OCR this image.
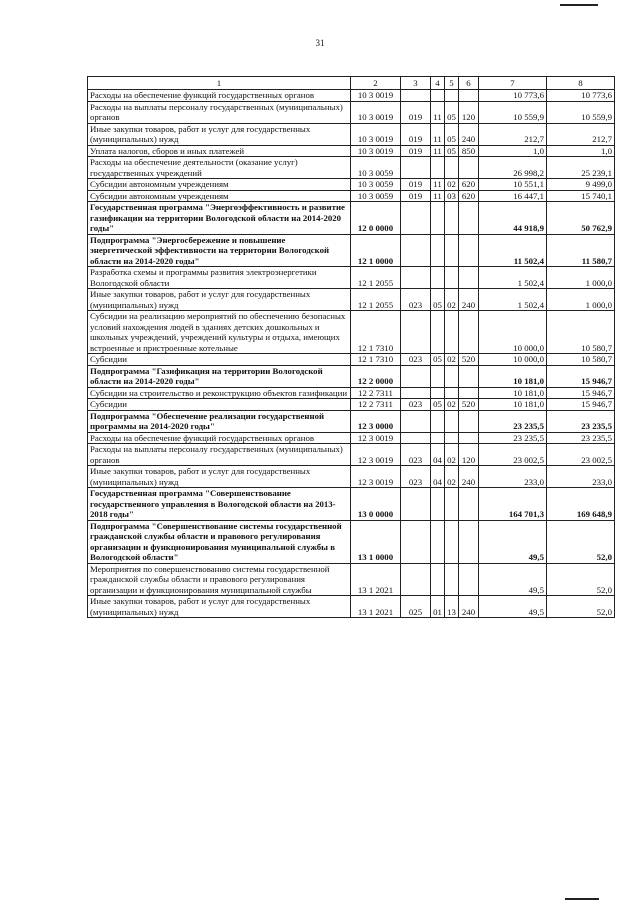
31
1	2	3	4	5	6	7	8
Расходы на обеспечение функций государственных органов	10 3 0019					10 773,6	10 773,6
Расходы на выплаты персоналу государственных (муниципальных) органов	10 3 0019	019	11	05	120	10 559,9	10 559,9
Иные закупки товаров, работ и услуг для государственных (муниципальных) нужд	10 3 0019	019	11	05	240	212,7	212,7
Уплата налогов, сборов и иных платежей	10 3 0019	019	11	05	850	1,0	1,0
Расходы на обеспечение деятельности (оказание услуг) государственных учреждений	10 3 0059					26 998,2	25 239,1
Субсидии автономным учреждениям	10 3 0059	019	11	02	620	10 551,1	9 499,0
Субсидии автономным учреждениям	10 3 0059	019	11	03	620	16 447,1	15 740,1
Государственная программа "Энергоэффективность и развитие газификации на территории Вологодской области на 2014-2020 годы"	12 0 0000					44 918,9	50 762,9
Подпрограмма "Энергосбережение и повышение энергетической эффективности на территории Вологодской области на 2014-2020 годы"	12 1 0000					11 502,4	11 580,7
Разработка схемы и программы развития электроэнергетики Вологодской области	12 1 2055					1 502,4	1 000,0
Иные закупки товаров, работ и услуг для государственных (муниципальных) нужд	12 1 2055	023	05	02	240	1 502,4	1 000,0
Субсидии на реализацию мероприятий по обеспечению безопасных условий нахождения людей в зданиях детских дошкольных и школьных учреждений, учреждений культуры и отдыха, имеющих встроенные и пристроенные котельные	12 1 7310					10 000,0	10 580,7
Субсидии	12 1 7310	023	05	02	520	10 000,0	10 580,7
Подпрограмма "Газификация на территории Вологодской области на 2014-2020 годы"	12 2 0000					10 181,0	15 946,7
Субсидии на строительство и реконструкцию объектов газификации	12 2 7311					10 181,0	15 946,7
Субсидии	12 2 7311	023	05	02	520	10 181,0	15 946,7
Подпрограмма "Обеспечение реализации государственной программы на 2014-2020 годы"	12 3 0000					23 235,5	23 235,5
Расходы на обеспечение функций государственных органов	12 3 0019					23 235,5	23 235,5
Расходы на выплаты персоналу государственных (муниципальных) органов	12 3 0019	023	04	02	120	23 002,5	23 002,5
Иные закупки товаров, работ и услуг для государственных (муниципальных) нужд	12 3 0019	023	04	02	240	233,0	233,0
Государственная программа "Совершенствование государственного управления в Вологодской области на 2013-2018 годы"	13 0 0000					164 701,3	169 648,9
Подпрограмма "Совершенствование системы государственной гражданской службы области и правового регулирования организации и функционирования муниципальной службы в Вологодской области"	13 1 0000					49,5	52,0
Мероприятия по совершенствованию системы государственной гражданской службы области и правового регулирования организации и функционирования муниципальной службы	13 1 2021					49,5	52,0
Иные закупки товаров, работ и услуг для государственных (муниципальных) нужд	13 1 2021	025	01	13	240	49,5	52,0
